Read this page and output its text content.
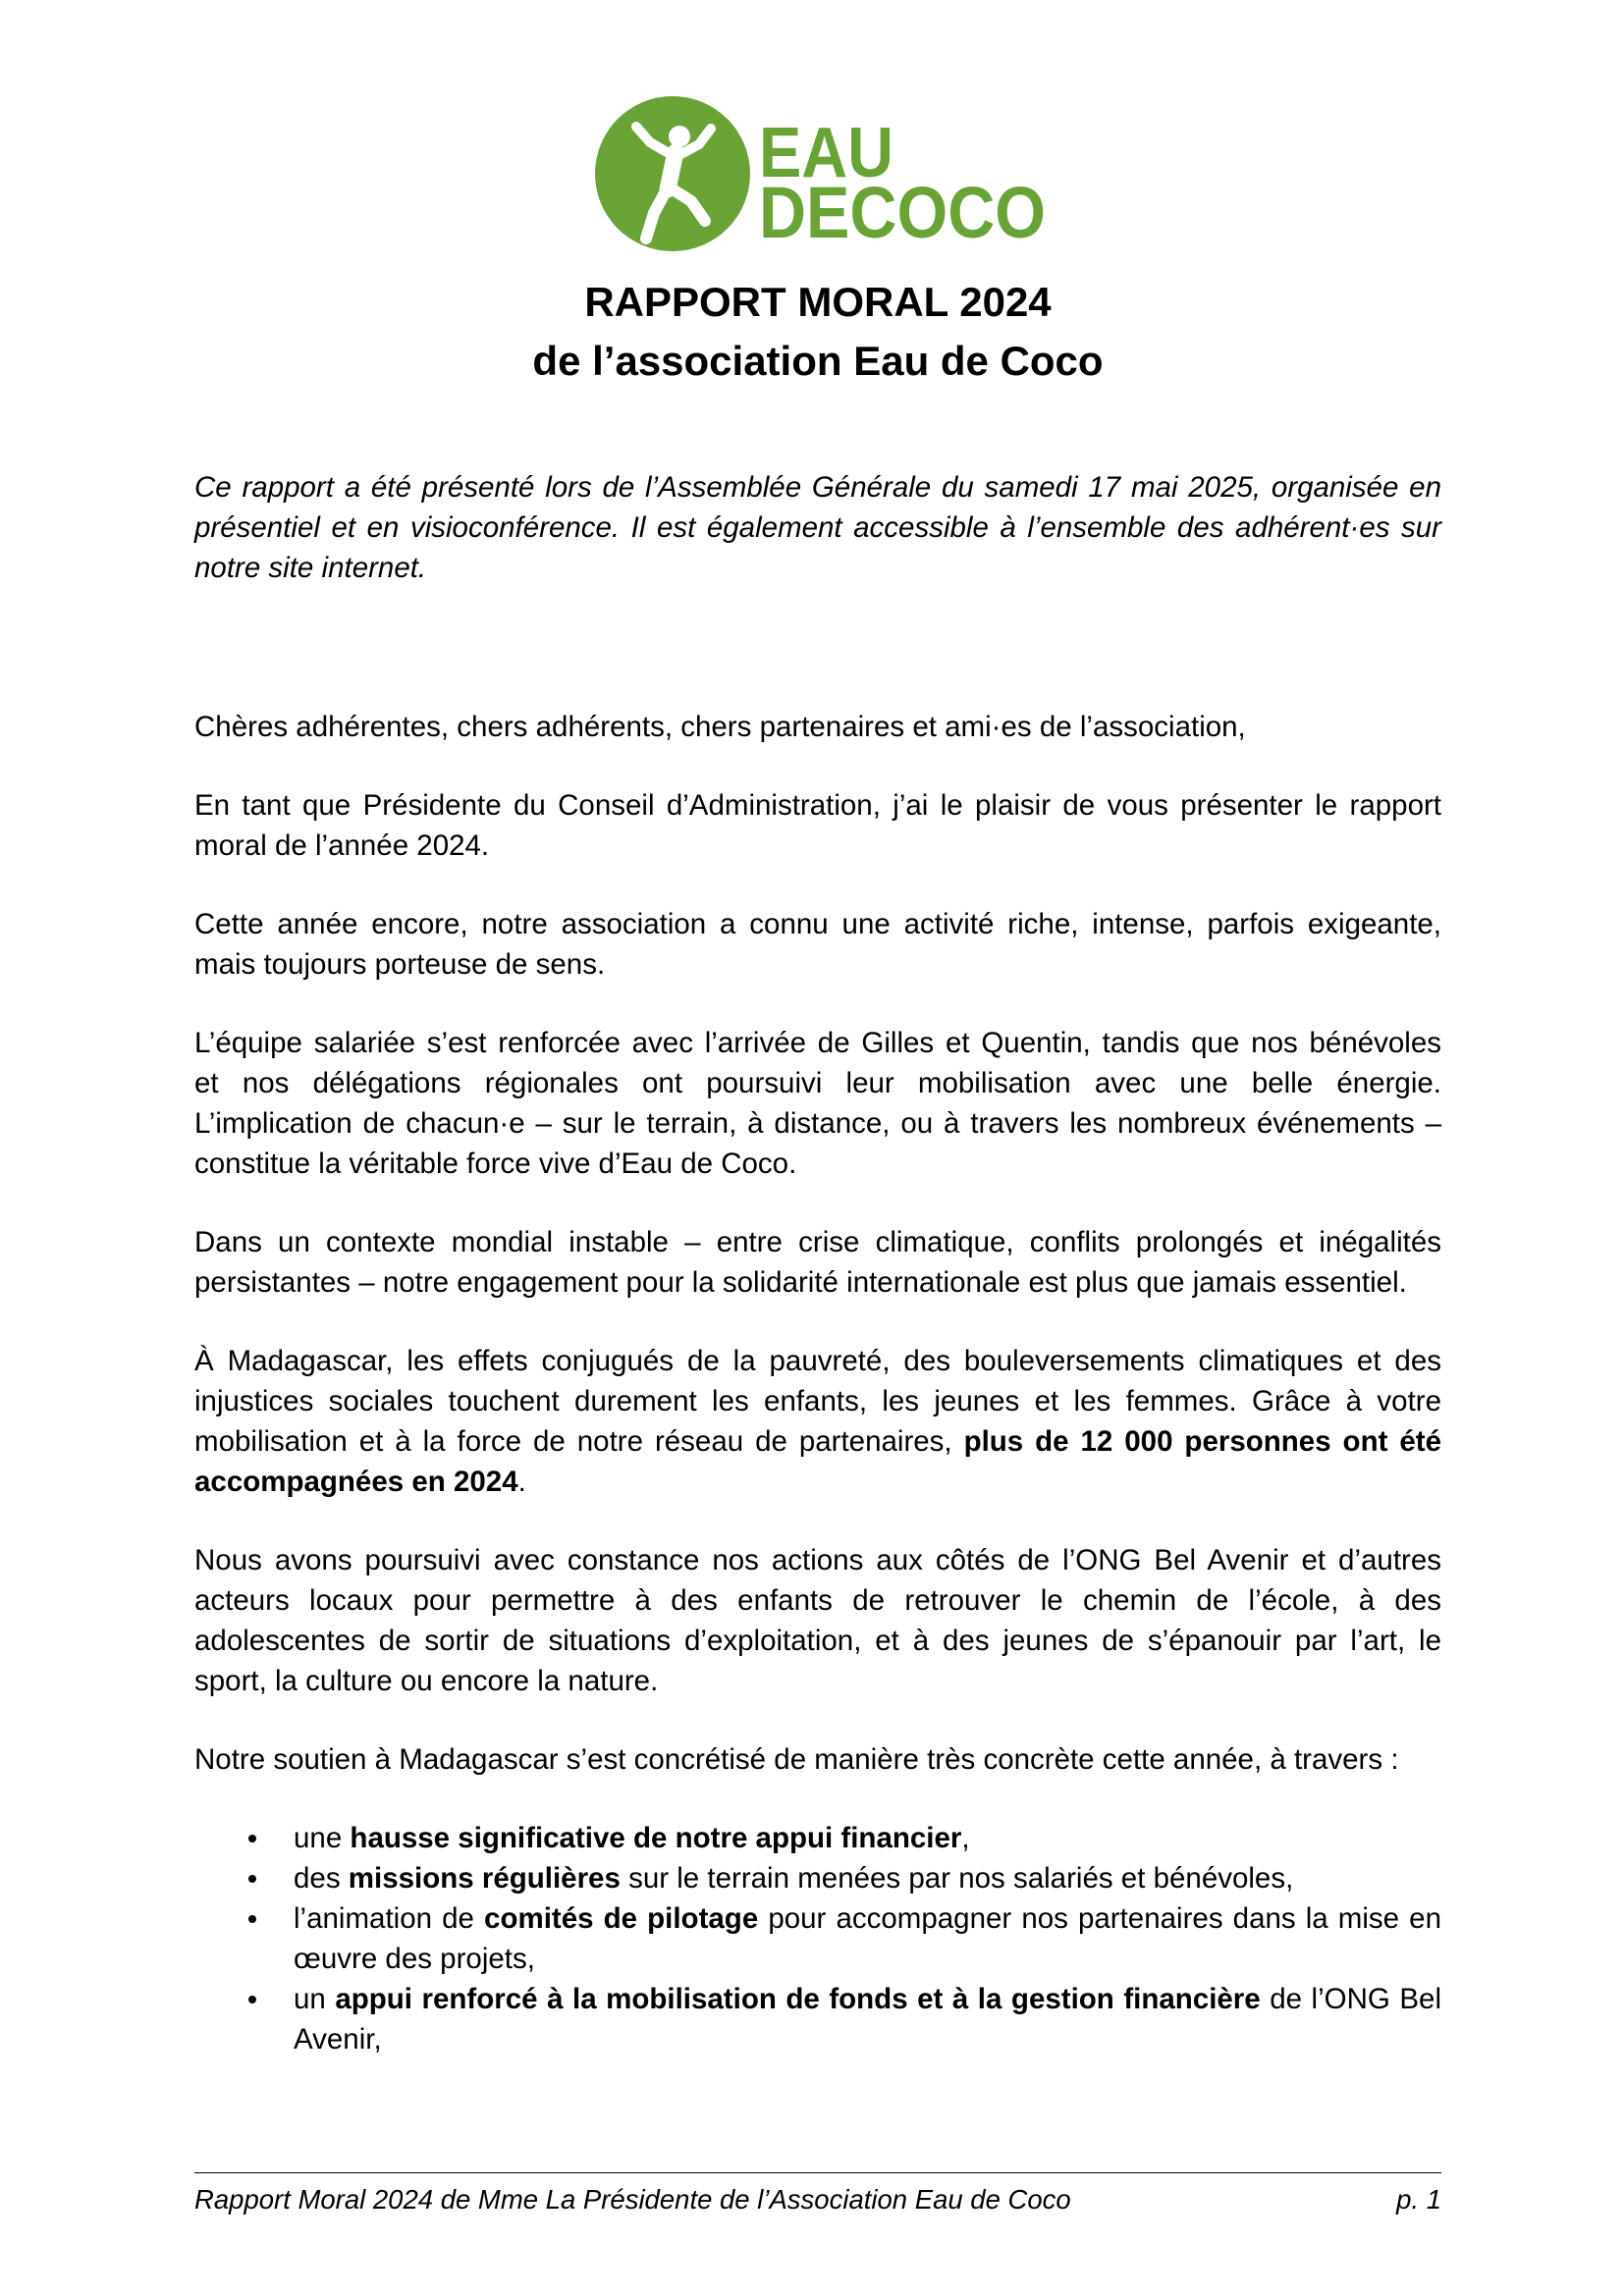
EAU
DECOCO
RAPPORT MORAL 2024
de l’association Eau de Coco
Ce rapport a été présenté lors de l’Assemblée Générale du samedi 17 mai 2025, organisée en
présentiel et en visioconférence. Il est également accessible à l’ensemble des adhérent·es sur
notre site internet.
Chères adhérentes, chers adhérents, chers partenaires et ami·es de l’association,
En tant que Présidente du Conseil d’Administration, j’ai le plaisir de vous présenter le rapport
moral de l’année 2024.
Cette année encore, notre association a connu une activité riche, intense, parfois exigeante,
mais toujours porteuse de sens.
L’équipe salariée s’est renforcée avec l’arrivée de Gilles et Quentin, tandis que nos bénévoles
et nos délégations régionales ont poursuivi leur mobilisation avec une belle énergie.
L’implication de chacun·e – sur le terrain, à distance, ou à travers les nombreux événements –
constitue la véritable force vive d’Eau de Coco.
Dans un contexte mondial instable – entre crise climatique, conflits prolongés et inégalités
persistantes – notre engagement pour la solidarité internationale est plus que jamais essentiel.
À Madagascar, les effets conjugués de la pauvreté, des bouleversements climatiques et des
injustices sociales touchent durement les enfants, les jeunes et les femmes. Grâce à votre
mobilisation et à la force de notre réseau de partenaires, plus de 12 000 personnes ont été
accompagnées en 2024.
Nous avons poursuivi avec constance nos actions aux côtés de l’ONG Bel Avenir et d’autres
acteurs locaux pour permettre à des enfants de retrouver le chemin de l’école, à des
adolescentes de sortir de situations d’exploitation, et à des jeunes de s’épanouir par l’art, le
sport, la culture ou encore la nature.
Notre soutien à Madagascar s’est concrétisé de manière très concrète cette année, à travers :
une hausse significative de notre appui financier,
des missions régulières sur le terrain menées par nos salariés et bénévoles,
l’animation de comités de pilotage pour accompagner nos partenaires dans la mise en
œuvre des projets,
un appui renforcé à la mobilisation de fonds et à la gestion financière de l’ONG Bel
Avenir,
Rapport Moral 2024 de Mme La Présidente de l’Association Eau de Coco	p. 1
